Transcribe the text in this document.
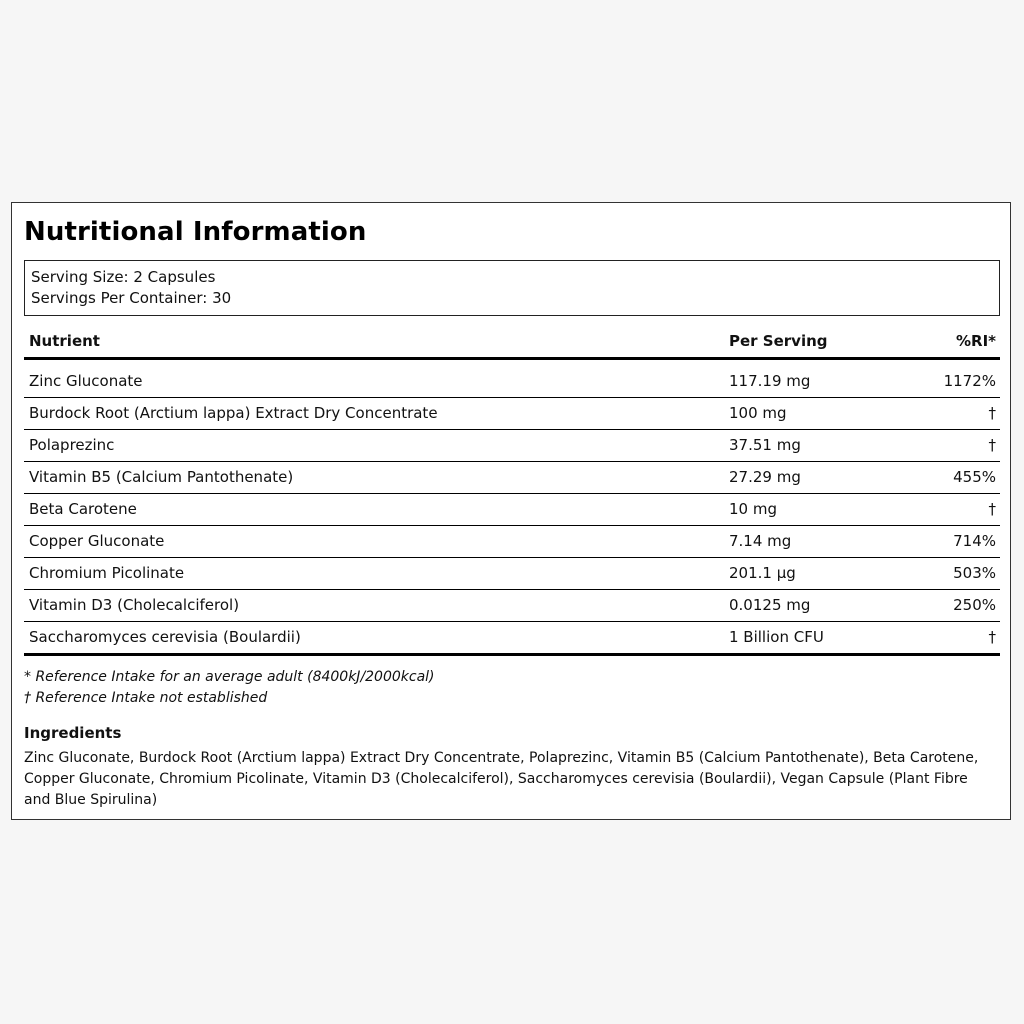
Nutritional Information
Serving Size: 2 Capsules
Servings Per Container: 30
Nutrient	Per Serving	%RI*
Zinc Gluconate	117.19 mg	1172%
Burdock Root (Arctium lappa) Extract Dry Concentrate	100 mg	†
Polaprezinc	37.51 mg	†
Vitamin B5 (Calcium Pantothenate)	27.29 mg	455%
Beta Carotene	10 mg	†
Copper Gluconate	7.14 mg	714%
Chromium Picolinate	201.1 µg	503%
Vitamin D3 (Cholecalciferol)	0.0125 mg	250%
Saccharomyces cerevisia (Boulardii)	1 Billion CFU	†
* Reference Intake for an average adult (8400kJ/2000kcal)
† Reference Intake not established
Ingredients

Zinc Gluconate, Burdock Root (Arctium lappa) Extract Dry Concentrate, Polaprezinc, Vitamin B5 (Calcium Pantothenate), Beta Carotene, Copper Gluconate, Chromium Picolinate, Vitamin D3 (Cholecalciferol), Saccharomyces cerevisia (Boulardii), Vegan Capsule (Plant Fibre and Blue Spirulina)
